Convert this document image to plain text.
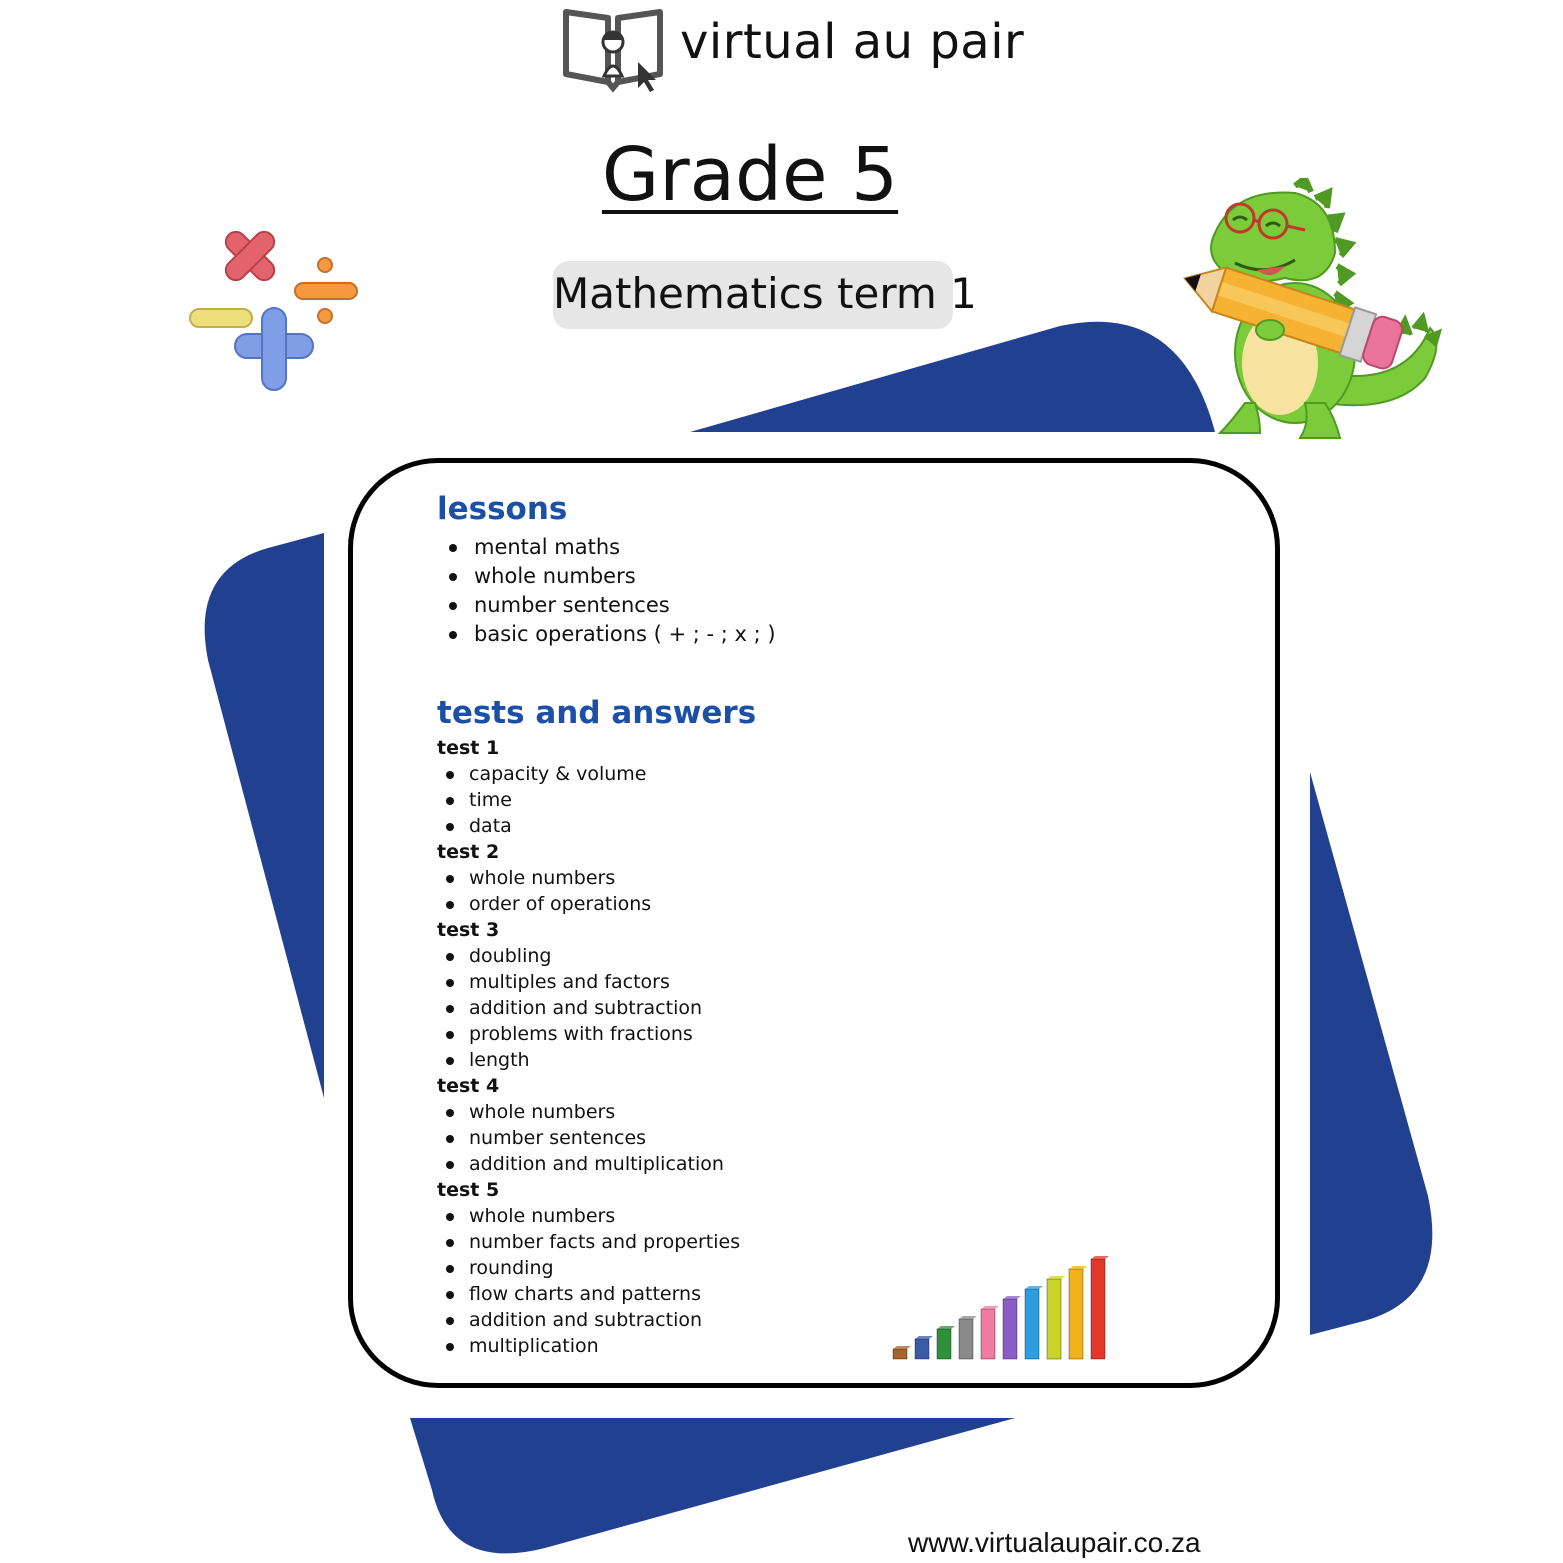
virtual au pair
Grade 5
Mathematics term 1
lessons
mental maths
whole numbers
number sentences
basic operations ( + ; - ; x ; )
tests and answers
test 1
capacity & volume
time
data
test 2
whole numbers
order of operations
test 3
doubling
multiples and factors
addition and subtraction
problems with fractions
length
test 4
whole numbers
number sentences
addition and multiplication
test 5
whole numbers
number facts and properties
rounding
flow charts and patterns
addition and subtraction
multiplication
www.virtualaupair.co.za
